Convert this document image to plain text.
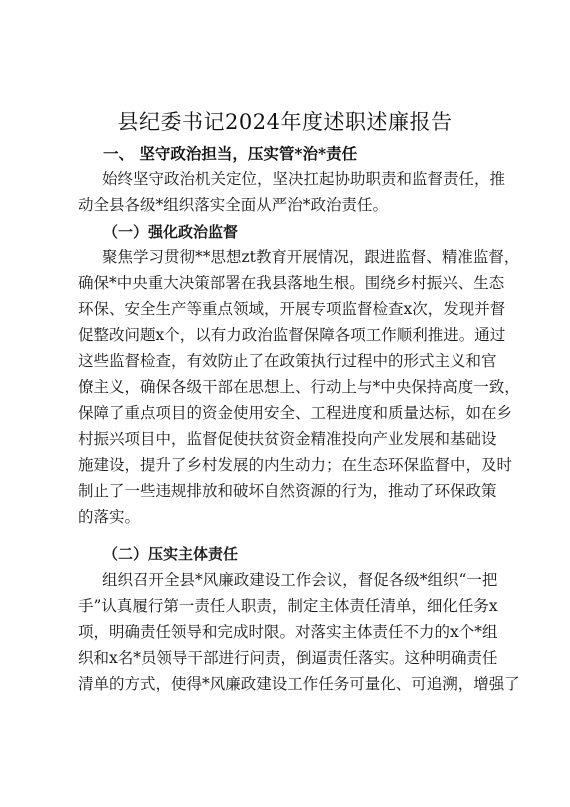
县纪委书记2024年度述职述廉报告
一、 坚守政治担当，压实管*治*责任
始终坚守政治机关定位，坚决扛起协助职责和监督责任，推
动全县各级*组织落实全面从严治*政治责任。
（一）强化政治监督
聚焦学习贯彻**思想zt教育开展情况，跟进监督、精准监督，
确保*中央重大决策部署在我县落地生根。围绕乡村振兴、生态
环保、安全生产等重点领域，开展专项监督检查x次，发现并督
促整改问题x个，以有力政治监督保障各项工作顺利推进。通过
这些监督检查，有效防止了在政策执行过程中的形式主义和官
僚主义，确保各级干部在思想上、行动上与*中央保持高度一致，
保障了重点项目的资金使用安全、工程进度和质量达标，如在乡
村振兴项目中，监督促使扶贫资金精准投向产业发展和基础设
施建设，提升了乡村发展的内生动力；在生态环保监督中，及时
制止了一些违规排放和破坏自然资源的行为，推动了环保政策
的落实。
（二）压实主体责任
组织召开全县*风廉政建设工作会议，督促各级*组织“一把
手”认真履行第一责任人职责，制定主体责任清单，细化任务x
项，明确责任领导和完成时限。对落实主体责任不力的x个*组
织和x名*员领导干部进行问责，倒逼责任落实。这种明确责任
清单的方式，使得*风廉政建设工作任务可量化、可追溯，增强了
